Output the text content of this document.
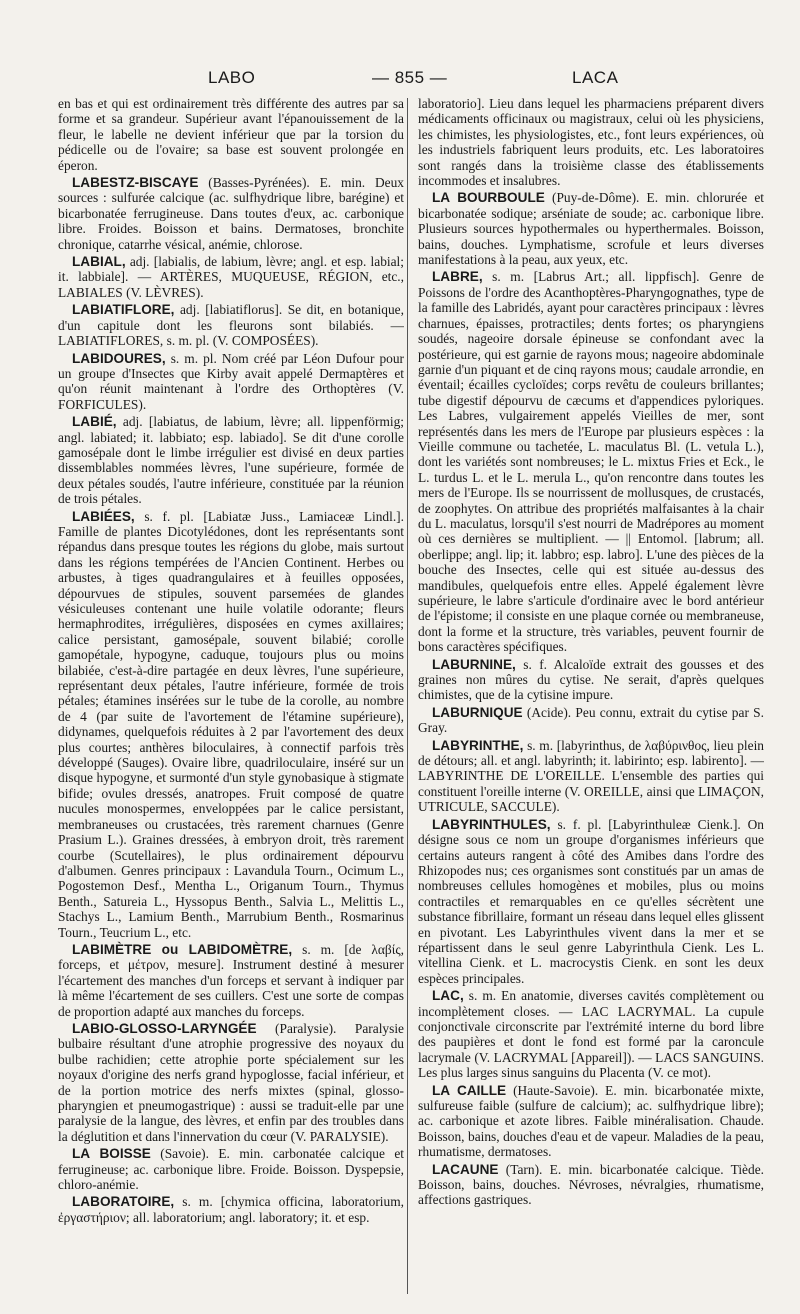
LABO	— 855 —	LACA

en bas et qui est ordinairement très différente des autres par sa forme et sa grandeur. Supérieur avant l'épanouissement de la fleur, le labelle ne devient inférieur que par la torsion du pédicelle ou de l'ovaire; sa base est souvent prolongée en éperon.

LABESTZ-BISCAYE (Basses-Pyrénées). E. min. Deux sources : sulfurée calcique (ac. sulfhydrique libre, barégine) et bicarbonatée ferrugineuse. Dans toutes d'eux, ac. carbonique libre. Froides. Boisson et bains. Dermatoses, bronchite chronique, catarrhe vésical, anémie, chlorose.

LABIAL, adj. [labialis, de labium, lèvre; angl. et esp. labial; it. labbiale]. — ARTÈRES, MUQUEUSE, RÉGION, etc., LABIALES (V. LÈVRES).

LABIATIFLORE, adj. [labiatiflorus]. Se dit, en botanique, d'un capitule dont les fleurons sont bilabiés. — LABIATIFLORES, s. m. pl. (V. COMPOSÉES).

LABIDOURES, s. m. pl. Nom créé par Léon Dufour pour un groupe d'Insectes que Kirby avait appelé Dermaptères et qu'on réunit maintenant à l'ordre des Orthoptères (V. FORFICULES).

LABIÉ, adj. [labiatus, de labium, lèvre; all. lippenförmig; angl. labiated; it. labbiato; esp. labiado]. Se dit d'une corolle gamosépale dont le limbe irrégulier est divisé en deux parties dissemblables nommées lèvres, l'une supérieure, formée de deux pétales soudés, l'autre inférieure, constituée par la réunion de trois pétales.

LABIÉES, s. f. pl. [Labiatæ Juss., Lamiaceæ Lindl.]. Famille de plantes Dicotylédones, dont les représentants sont répandus dans presque toutes les régions du globe, mais surtout dans les régions tempérées de l'Ancien Continent. Herbes ou arbustes, à tiges quadrangulaires et à feuilles opposées, dépourvues de stipules, souvent parsemées de glandes vésiculeuses contenant une huile volatile odorante; fleurs hermaphrodites, irrégulières, disposées en cymes axillaires; calice persistant, gamosépale, souvent bilabié; corolle gamopétale, hypogyne, caduque, toujours plus ou moins bilabiée, c'est-à-dire partagée en deux lèvres, l'une supérieure, représentant deux pétales, l'autre inférieure, formée de trois pétales; étamines insérées sur le tube de la corolle, au nombre de 4 (par suite de l'avortement de l'étamine supérieure), didynames, quelquefois réduites à 2 par l'avortement des deux plus courtes; anthères biloculaires, à connectif parfois très développé (Sauges). Ovaire libre, quadriloculaire, inséré sur un disque hypogyne, et surmonté d'un style gynobasique à stigmate bifide; ovules dressés, anatropes. Fruit composé de quatre nucules monospermes, enveloppées par le calice persistant, membraneuses ou crustacées, très rarement charnues (Genre Prasium L.). Graines dressées, à embryon droit, très rarement courbe (Scutellaires), le plus ordinairement dépourvu d'albumen. Genres principaux : Lavandula Tourn., Ocimum L., Pogostemon Desf., Mentha L., Origanum Tourn., Thymus Benth., Satureia L., Hyssopus Benth., Salvia L., Melittis L., Stachys L., Lamium Benth., Marrubium Benth., Rosmarinus Tourn., Teucrium L., etc.

LABIMÈTRE ou LABIDOMÈTRE, s. m. [de λαβίς, forceps, et μέτρον, mesure]. Instrument destiné à mesurer l'écartement des manches d'un forceps et servant à indiquer par là même l'écartement de ses cuillers. C'est une sorte de compas de proportion adapté aux manches du forceps.

LABIO-GLOSSO-LARYNGÉE (Paralysie). Paralysie bulbaire résultant d'une atrophie progressive des noyaux du bulbe rachidien; cette atrophie porte spécialement sur les noyaux d'origine des nerfs grand hypoglosse, facial inférieur, et de la portion motrice des nerfs mixtes (spinal, glosso-pharyngien et pneumogastrique) : aussi se traduit-elle par une paralysie de la langue, des lèvres, et enfin par des troubles dans la déglutition et dans l'innervation du cœur (V. PARALYSIE).

LA BOISSE (Savoie). E. min. carbonatée calcique et ferrugineuse; ac. carbonique libre. Froide. Boisson. Dyspepsie, chloro-anémie.

LABORATOIRE, s. m. [chymica officina, laboratorium, ἐργαστήριον; all. laboratorium; angl. laboratory; it. et esp.

laboratorio]. Lieu dans lequel les pharmaciens préparent divers médicaments officinaux ou magistraux, celui où les physiciens, les chimistes, les physiologistes, etc., font leurs expériences, où les industriels fabriquent leurs produits, etc. Les laboratoires sont rangés dans la troisième classe des établissements incommodes et insalubres.

LA BOURBOULE (Puy-de-Dôme). E. min. chlorurée et bicarbonatée sodique; arséniate de soude; ac. carbonique libre. Plusieurs sources hypothermales ou hyperthermales. Boisson, bains, douches. Lymphatisme, scrofule et leurs diverses manifestations à la peau, aux yeux, etc.

LABRE, s. m. [Labrus Art.; all. lippfisch]. Genre de Poissons de l'ordre des Acanthoptères-Pharyngognathes, type de la famille des Labridés, ayant pour caractères principaux : lèvres charnues, épaisses, protractiles; dents fortes; os pharyngiens soudés, nageoire dorsale épineuse se confondant avec la postérieure, qui est garnie de rayons mous; nageoire abdominale garnie d'un piquant et de cinq rayons mous; caudale arrondie, en éventail; écailles cycloïdes; corps revêtu de couleurs brillantes; tube digestif dépourvu de cæcums et d'appendices pyloriques. Les Labres, vulgairement appelés Vieilles de mer, sont représentés dans les mers de l'Europe par plusieurs espèces : la Vieille commune ou tachetée, L. maculatus Bl. (L. vetula L.), dont les variétés sont nombreuses; le L. mixtus Fries et Eck., le L. turdus L. et le L. merula L., qu'on rencontre dans toutes les mers de l'Europe. Ils se nourrissent de mollusques, de crustacés, de zoophytes. On attribue des propriétés malfaisantes à la chair du L. maculatus, lorsqu'il s'est nourri de Madrépores au moment où ces dernières se multiplient. — || Entomol. [labrum; all. oberlippe; angl. lip; it. labbro; esp. labro]. L'une des pièces de la bouche des Insectes, celle qui est située au-dessus des mandibules, quelquefois entre elles. Appelé également lèvre supérieure, le labre s'articule d'ordinaire avec le bord antérieur de l'épistome; il consiste en une plaque cornée ou membraneuse, dont la forme et la structure, très variables, peuvent fournir de bons caractères spécifiques.

LABURNINE, s. f. Alcaloïde extrait des gousses et des graines non mûres du cytise. Ne serait, d'après quelques chimistes, que de la cytisine impure.

LABURNIQUE (Acide). Peu connu, extrait du cytise par S. Gray.

LABYRINTHE, s. m. [labyrinthus, de λαβύρινθος, lieu plein de détours; all. et angl. labyrinth; it. labirinto; esp. labirento]. — LABYRINTHE DE L'OREILLE. L'ensemble des parties qui constituent l'oreille interne (V. OREILLE, ainsi que LIMAÇON, UTRICULE, SACCULE).

LABYRINTHULES, s. f. pl. [Labyrinthuleæ Cienk.]. On désigne sous ce nom un groupe d'organismes inférieurs que certains auteurs rangent à côté des Amibes dans l'ordre des Rhizopodes nus; ces organismes sont constitués par un amas de nombreuses cellules homogènes et mobiles, plus ou moins contractiles et remarquables en ce qu'elles sécrètent une substance fibrillaire, formant un réseau dans lequel elles glissent en pivotant. Les Labyrinthules vivent dans la mer et se répartissent dans le seul genre Labyrinthula Cienk. Les L. vitellina Cienk. et L. macrocystis Cienk. en sont les deux espèces principales.

LAC, s. m. En anatomie, diverses cavités complètement ou incomplètement closes. — LAC LACRYMAL. La cupule conjonctivale circonscrite par l'extrémité interne du bord libre des paupières et dont le fond est formé par la caroncule lacrymale (V. LACRYMAL [Appareil]). — LACS SANGUINS. Les plus larges sinus sanguins du Placenta (V. ce mot).

LA CAILLE (Haute-Savoie). E. min. bicarbonatée mixte, sulfureuse faible (sulfure de calcium); ac. sulfhydrique libre); ac. carbonique et azote libres. Faible minéralisation. Chaude. Boisson, bains, douches d'eau et de vapeur. Maladies de la peau, rhumatisme, dermatoses.

LACAUNE (Tarn). E. min. bicarbonatée calcique. Tiède. Boisson, bains, douches. Névroses, névralgies, rhumatisme, affections gastriques.
